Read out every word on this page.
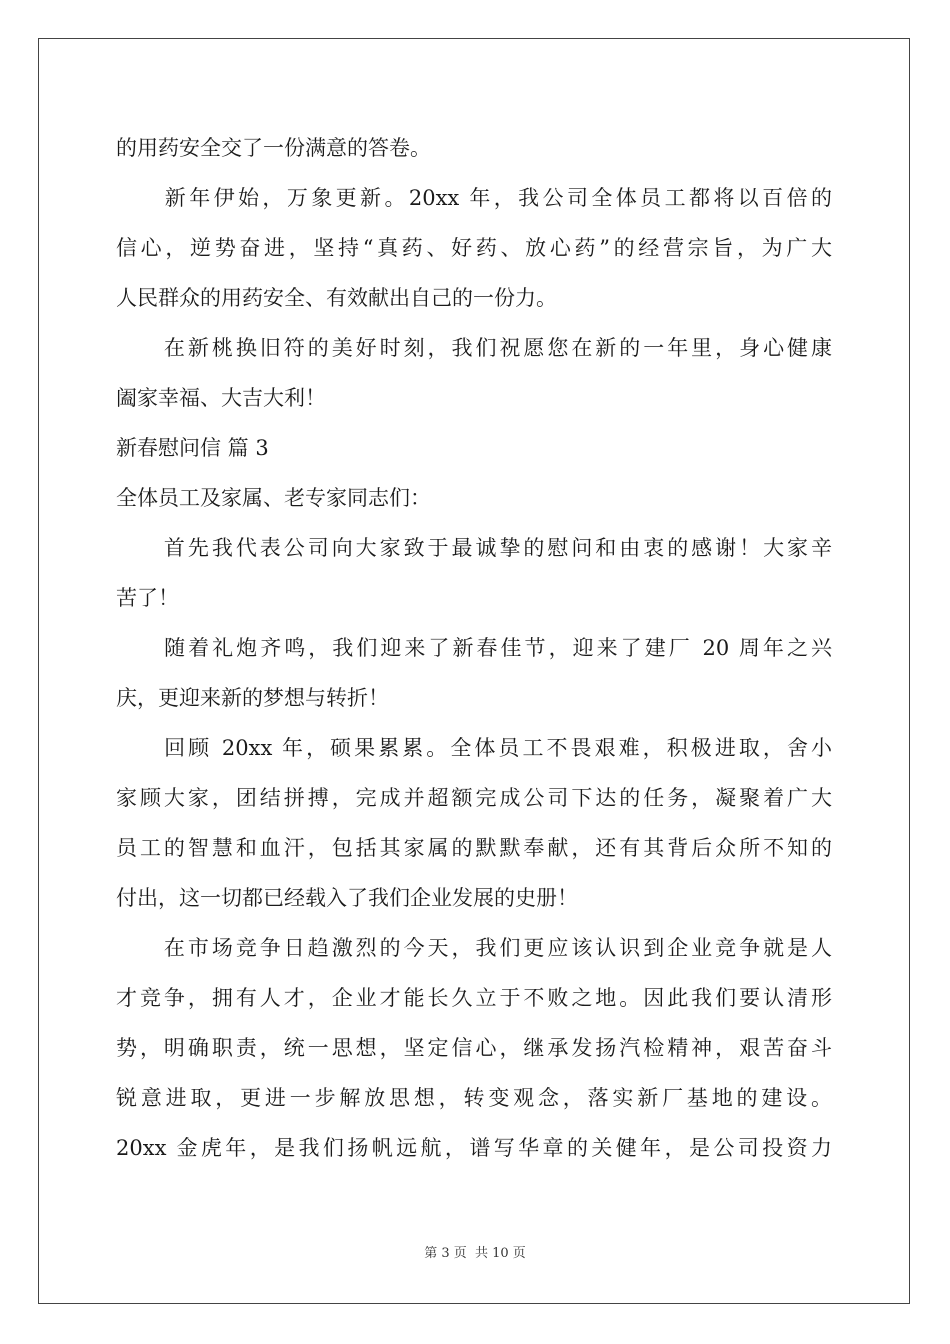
的用药安全交了一份满意的答卷。
　　新年伊始，万象更新。20xx 年，我公司全体员工都将以百倍的
信心，逆势奋进，坚持“真药、好药、放心药”的经营宗旨，为广大
人民群众的用药安全、有效献出自己的一份力。
　　在新桃换旧符的美好时刻，我们祝愿您在新的一年里，身心健康
阖家幸福、大吉大利！
新春慰问信 篇 3
全体员工及家属、老专家同志们：
　　首先我代表公司向大家致于最诚挚的慰问和由衷的感谢！大家辛
苦了！
　　随着礼炮齐鸣，我们迎来了新春佳节，迎来了建厂 20 周年之兴
庆，更迎来新的梦想与转折！
　　回顾 20xx 年，硕果累累。全体员工不畏艰难，积极进取，舍小
家顾大家，团结拼搏，完成并超额完成公司下达的任务，凝聚着广大
员工的智慧和血汗，包括其家属的默默奉献，还有其背后众所不知的
付出，这一切都已经载入了我们企业发展的史册！
　　在市场竞争日趋激烈的今天，我们更应该认识到企业竞争就是人
才竞争，拥有人才，企业才能长久立于不败之地。因此我们要认清形
势，明确职责，统一思想，坚定信心，继承发扬汽检精神，艰苦奋斗
锐意进取，更进一步解放思想，转变观念，落实新厂基地的建设。
20xx 金虎年，是我们扬帆远航，谱写华章的关健年，是公司投资力
第 3 页 共 10 页
